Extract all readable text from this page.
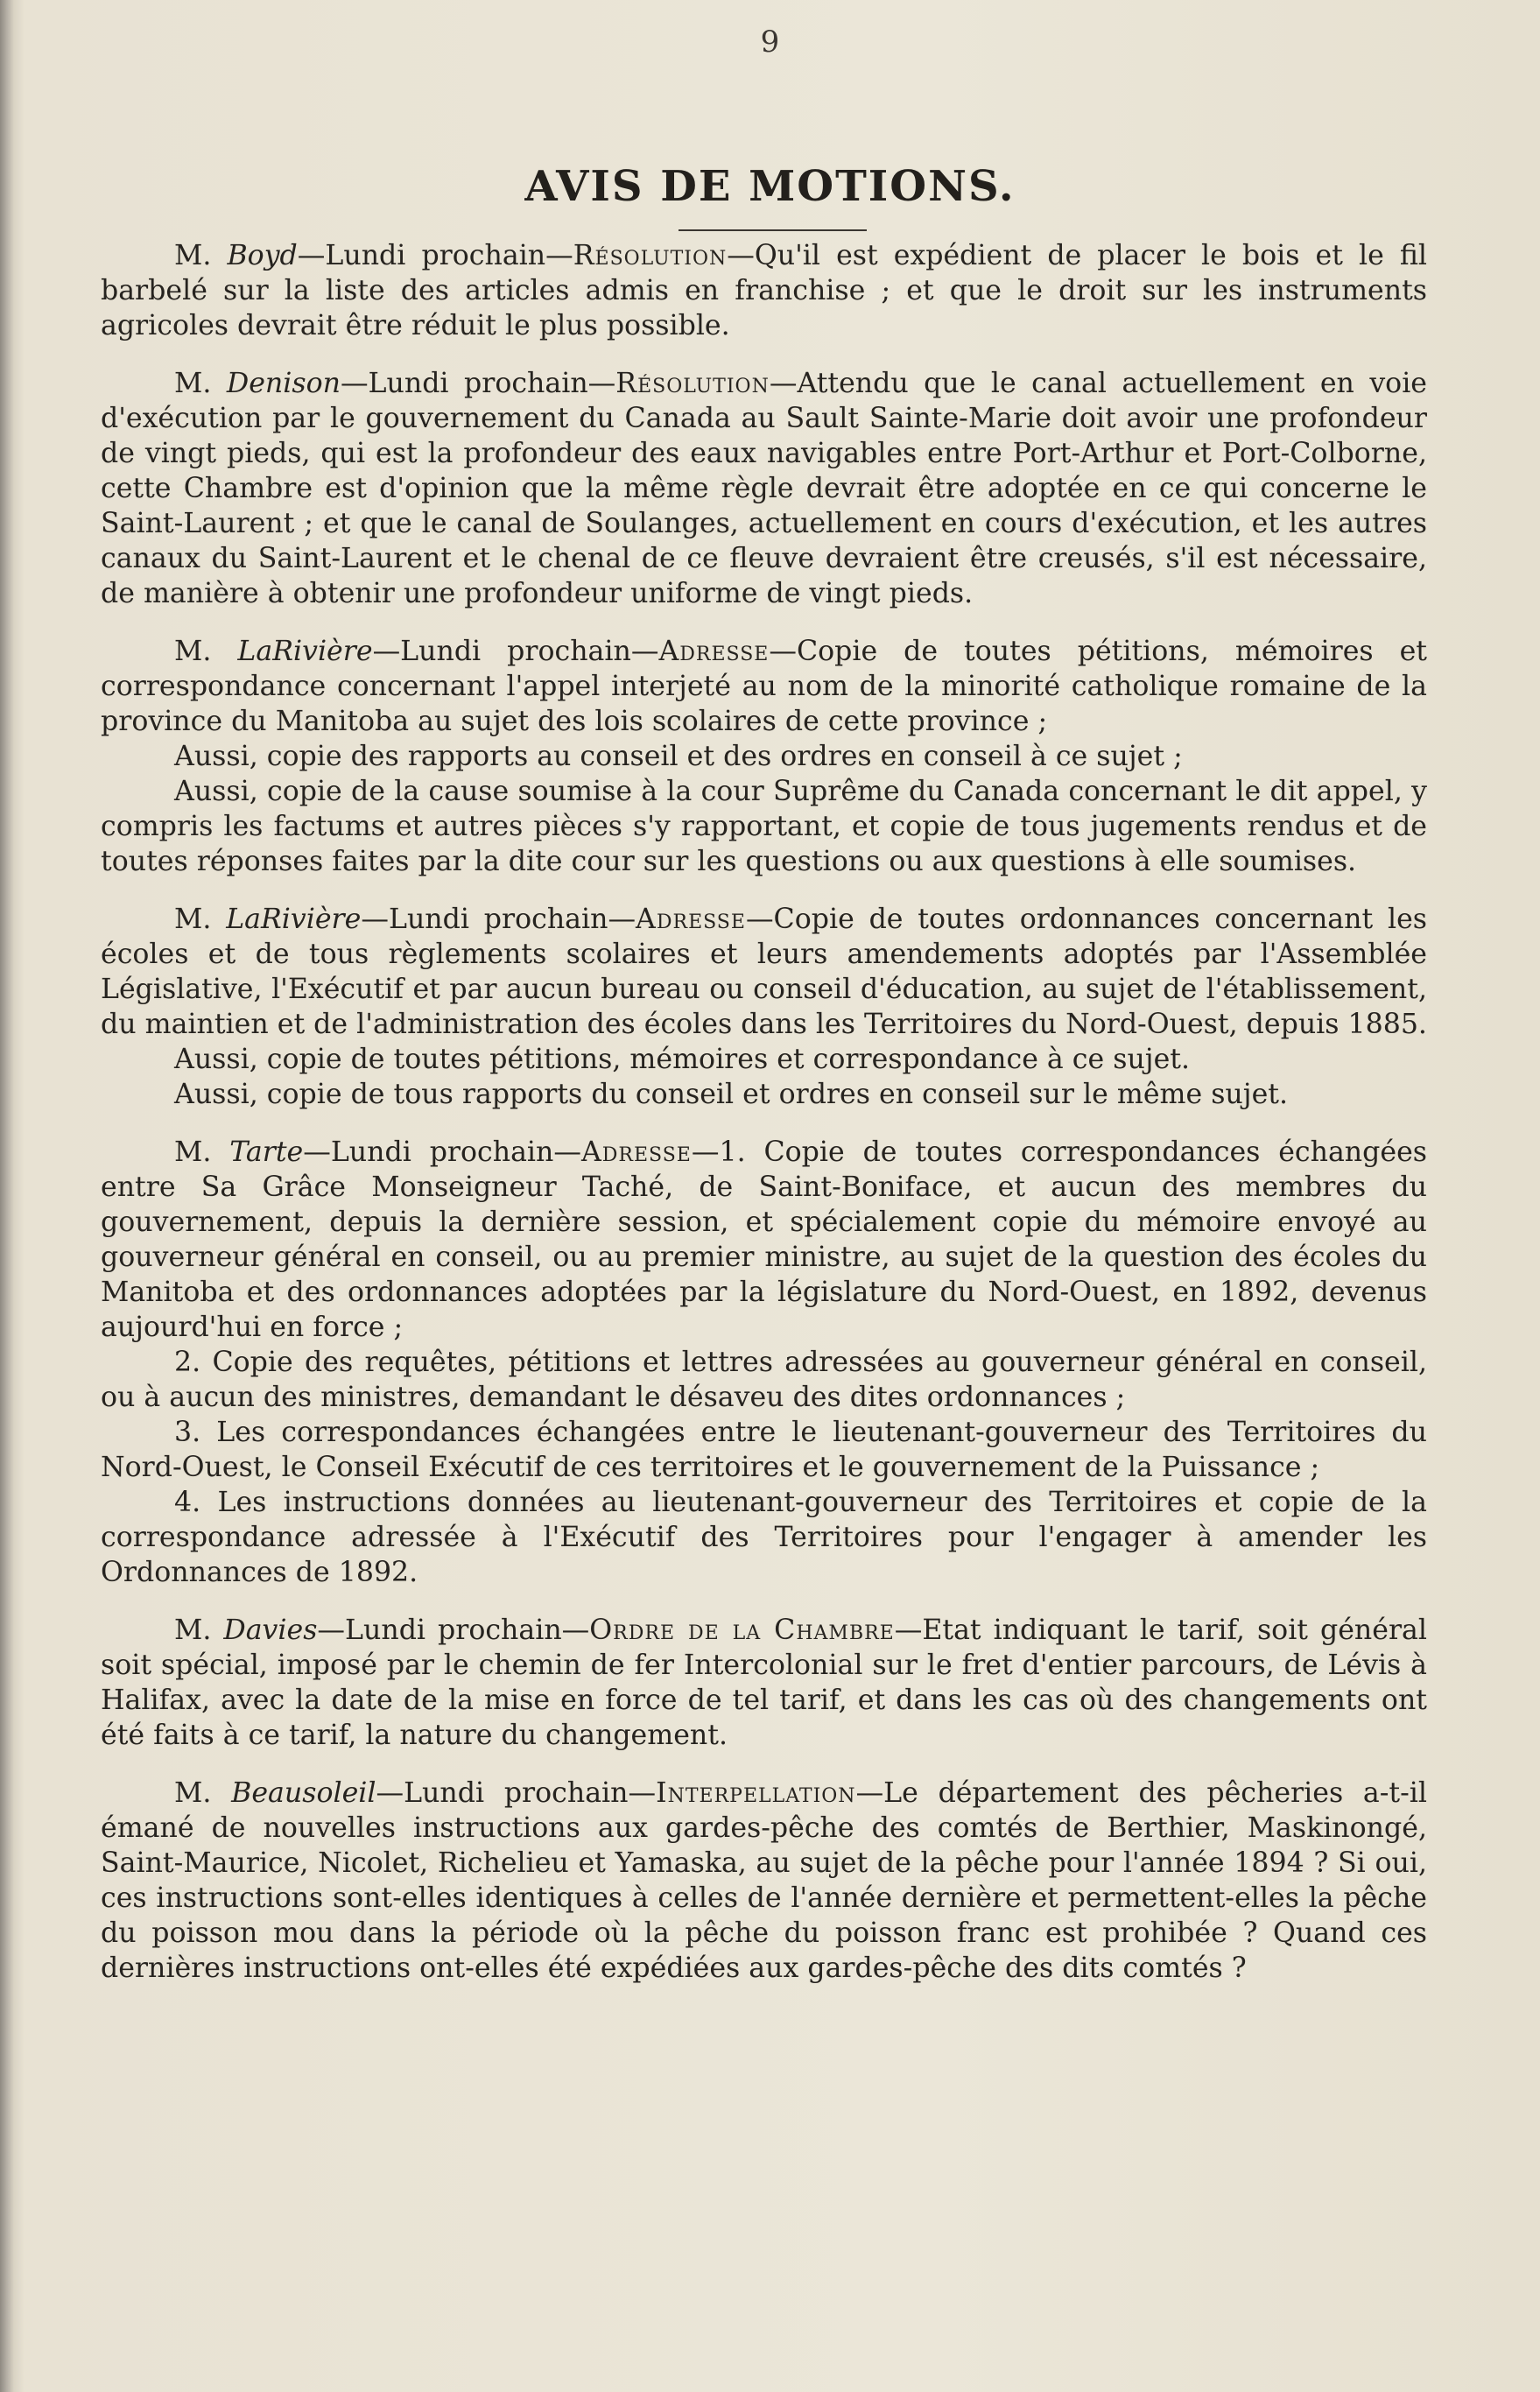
9
AVIS DE MOTIONS.

M. Boyd—Lundi prochain—Résolution—Qu'il est expédient de placer le bois et le fil barbelé sur la liste des articles admis en franchise ; et que le droit sur les instruments agricoles devrait être réduit le plus possible.

M. Denison—Lundi prochain—Résolution—Attendu que le canal actuellement en voie d'exécution par le gouvernement du Canada au Sault Sainte-Marie doit avoir une profondeur de vingt pieds, qui est la profondeur des eaux navigables entre Port-Arthur et Port-Colborne, cette Chambre est d'opinion que la même règle devrait être adoptée en ce qui concerne le Saint-Laurent ; et que le canal de Soulanges, actuellement en cours d'exécution, et les autres canaux du Saint-Laurent et le chenal de ce fleuve devraient être creusés, s'il est nécessaire, de manière à obtenir une profondeur uniforme de vingt pieds.

M. LaRivière—Lundi prochain—Adresse—Copie de toutes pétitions, mémoires et correspondance concernant l'appel interjeté au nom de la minorité catholique romaine de la province du Manitoba au sujet des lois scolaires de cette province ;

Aussi, copie des rapports au conseil et des ordres en conseil à ce sujet ;

Aussi, copie de la cause soumise à la cour Suprême du Canada concernant le dit appel, y compris les factums et autres pièces s'y rapportant, et copie de tous jugements rendus et de toutes réponses faites par la dite cour sur les questions ou aux questions à elle soumises.

M. LaRivière—Lundi prochain—Adresse—Copie de toutes ordonnances concernant les écoles et de tous règlements scolaires et leurs amendements adoptés par l'Assemblée Législative, l'Exécutif et par aucun bureau ou conseil d'éducation, au sujet de l'établissement, du maintien et de l'administration des écoles dans les Territoires du Nord-Ouest, depuis 1885.

Aussi, copie de toutes pétitions, mémoires et correspondance à ce sujet.

Aussi, copie de tous rapports du conseil et ordres en conseil sur le même sujet.

M. Tarte—Lundi prochain—Adresse—1. Copie de toutes correspondances échangées entre Sa Grâce Monseigneur Taché, de Saint-Boniface, et aucun des membres du gouvernement, depuis la dernière session, et spécialement copie du mémoire envoyé au gouverneur général en conseil, ou au premier ministre, au sujet de la question des écoles du Manitoba et des ordonnances adoptées par la législature du Nord-Ouest, en 1892, devenus aujourd'hui en force ;

2. Copie des requêtes, pétitions et lettres adressées au gouverneur général en conseil, ou à aucun des ministres, demandant le désaveu des dites ordonnances ;

3. Les correspondances échangées entre le lieutenant-gouverneur des Territoires du Nord-Ouest, le Conseil Exécutif de ces territoires et le gouvernement de la Puissance ;

4. Les instructions données au lieutenant-gouverneur des Territoires et copie de la correspondance adressée à l'Exécutif des Territoires pour l'engager à amender les Ordonnances de 1892.

M. Davies—Lundi prochain—Ordre de la Chambre—Etat indiquant le tarif, soit général soit spécial, imposé par le chemin de fer Intercolonial sur le fret d'entier parcours, de Lévis à Halifax, avec la date de la mise en force de tel tarif, et dans les cas où des changements ont été faits à ce tarif, la nature du changement.

M. Beausoleil—Lundi prochain—Interpellation—Le département des pêcheries a-t-il émané de nouvelles instructions aux gardes-pêche des comtés de Berthier, Maskinongé, Saint-Maurice, Nicolet, Richelieu et Yamaska, au sujet de la pêche pour l'année 1894 ? Si oui, ces instructions sont-elles identiques à celles de l'année dernière et permettent-elles la pêche du poisson mou dans la période où la pêche du poisson franc est prohibée ? Quand ces dernières instructions ont-elles été expédiées aux gardes-pêche des dits comtés ?
